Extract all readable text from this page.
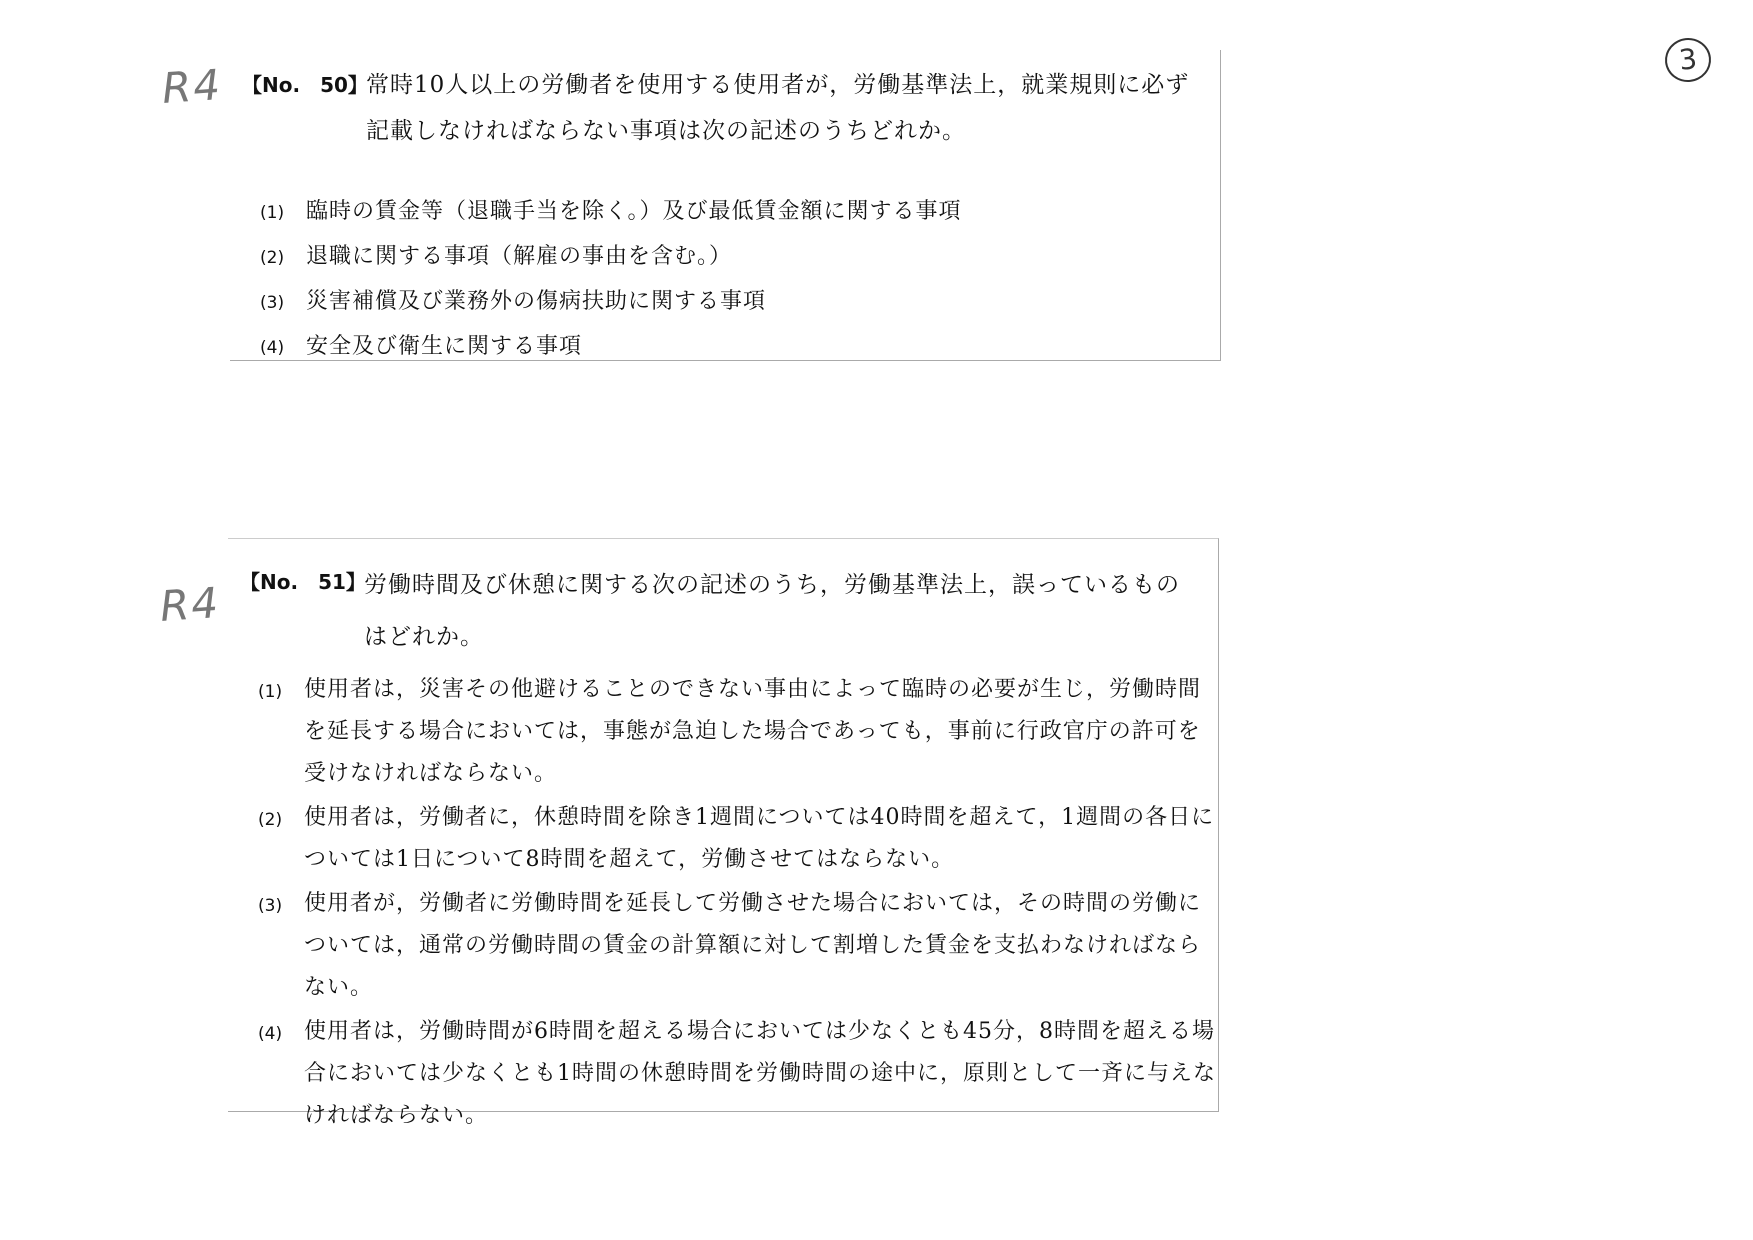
3
R4
R4
【No.　50】常時10人以上の労働者を使用する使用者が，労働基準法上，就業規則に必ず記載しなければならない事項は次の記述のうちどれか。
(1) 臨時の賃金等（退職手当を除く。）及び最低賃金額に関する事項
(2) 退職に関する事項（解雇の事由を含む。）
(3) 災害補償及び業務外の傷病扶助に関する事項
(4) 安全及び衛生に関する事項
【No.　51】労働時間及び休憩に関する次の記述のうち，労働基準法上，誤っているものはどれか。
(1) 使用者は，災害その他避けることのできない事由によって臨時の必要が生じ，労働時間を延長する場合においては，事態が急迫した場合であっても，事前に行政官庁の許可を受けなければならない。
(2) 使用者は，労働者に，休憩時間を除き1週間については40時間を超えて，1週間の各日については1日について8時間を超えて，労働させてはならない。
(3) 使用者が，労働者に労働時間を延長して労働させた場合においては，その時間の労働については，通常の労働時間の賃金の計算額に対して割増した賃金を支払わなければならない。
(4) 使用者は，労働時間が6時間を超える場合においては少なくとも45分，8時間を超える場合においては少なくとも1時間の休憩時間を労働時間の途中に，原則として一斉に与えなければならない。
